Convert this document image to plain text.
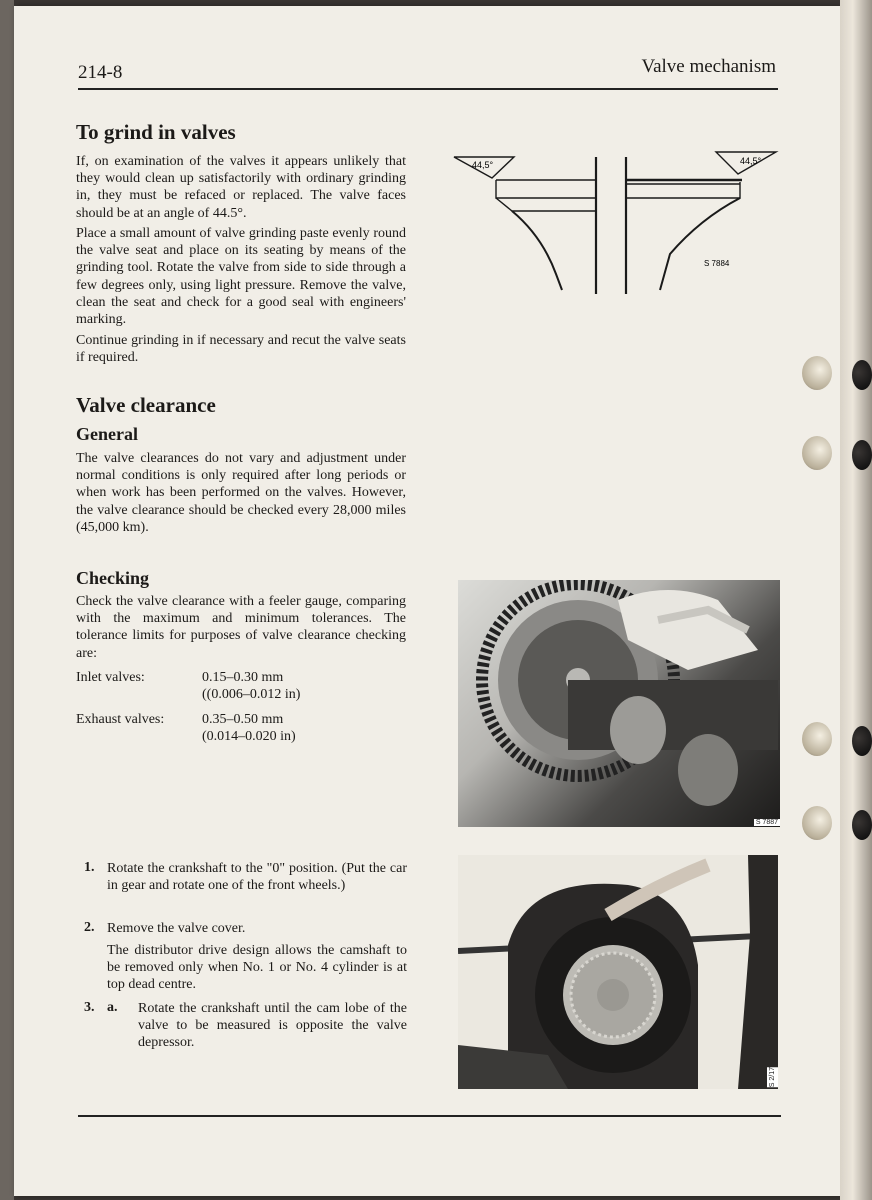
214-8	Valve mechanism
To grind in valves
If, on examination of the valves it appears unlikely that they would clean up satisfactorily with ordinary grinding in, they must be refaced or replaced. The valve faces should be at an angle of 44.5°.
Place a small amount of valve grinding paste evenly round the valve seat and place on its seating by means of the grinding tool. Rotate the valve from side to side through a few degrees only, using light pressure. Remove the valve, clean the seat and check for a good seal with engineers' marking.
Continue grinding in if necessary and recut the valve seats if required.
Valve clearance
General
The valve clearances do not vary and adjustment under normal conditions is only required after long periods or when work has been performed on the valves. However, the valve clearance should be checked every 28,000 miles (45,000 km).
Checking
Check the valve clearance with a feeler gauge, comparing with the maximum and minimum tolerances. The tolerance limits for purposes of valve clearance checking are:
Inlet valves:	0.15–0.30 mm
((0.006–0.012 in)
Exhaust valves:	0.35–0.50 mm
(0.014–0.020 in)
1. Rotate the crankshaft to the "0" position. (Put the car in gear and rotate one of the front wheels.)
2. Remove the valve cover.
The distributor drive design allows the camshaft to be removed only when No. 1 or No. 4 cylinder is at top dead centre.
3. a. Rotate the crankshaft until the cam lobe of the valve to be measured is opposite the valve depressor.
44,5°	44,5°
S 7884
S 7887
S 2/17
